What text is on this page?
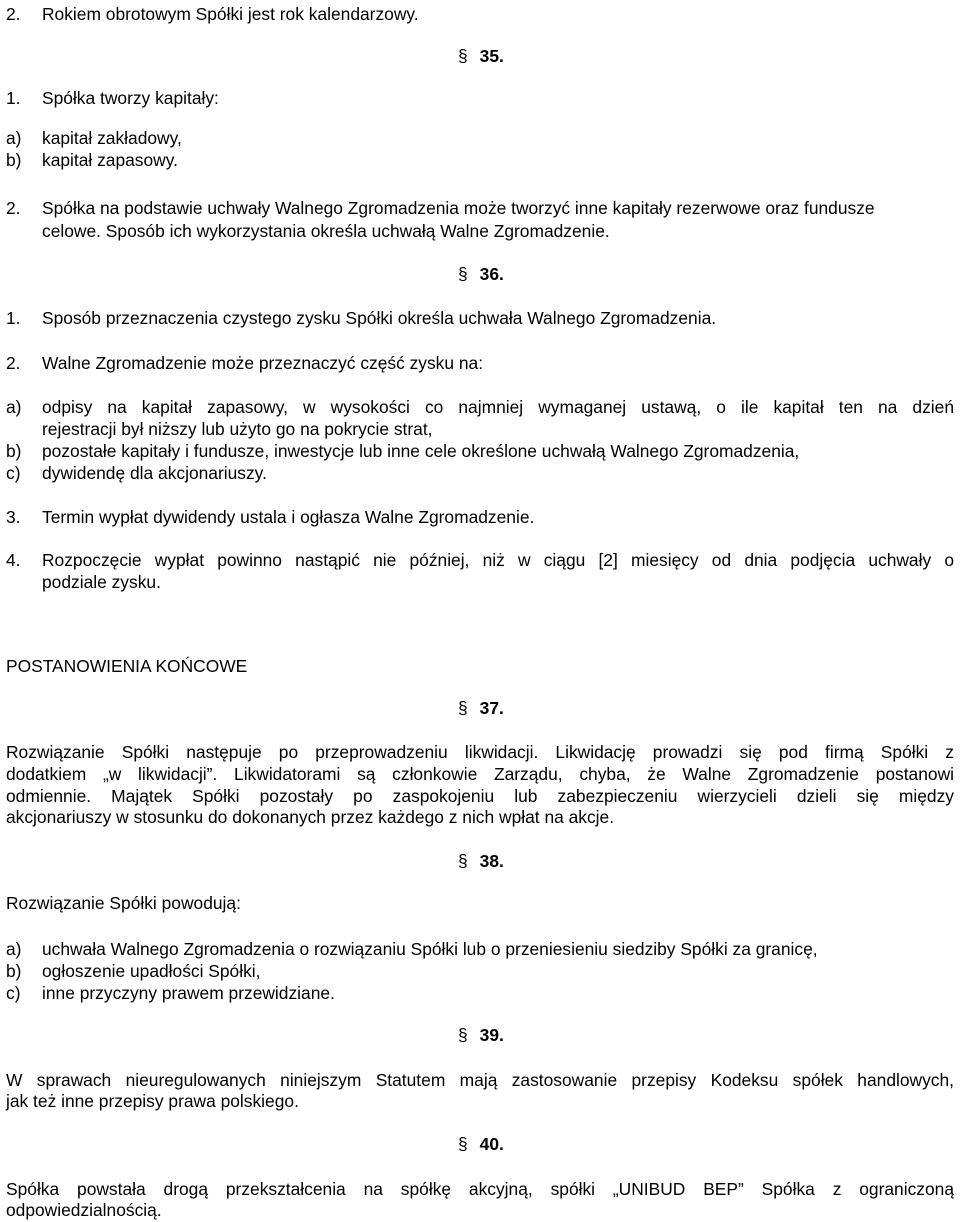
2. Rokiem obrotowym Spółki jest rok kalendarzowy.
§ 35.
1. Spółka tworzy kapitały:
a) kapitał zakładowy,
b) kapitał zapasowy.
2. Spółka na podstawie uchwały Walnego Zgromadzenia może tworzyć inne kapitały rezerwowe oraz fundusze
celowe. Sposób ich wykorzystania określa uchwałą Walne Zgromadzenie.
§ 36.
1. Sposób przeznaczenia czystego zysku Spółki określa uchwała Walnego Zgromadzenia.
2. Walne Zgromadzenie może przeznaczyć część zysku na:
a) odpisy na kapitał zapasowy, w wysokości co najmniej wymaganej ustawą, o ile kapitał ten na dzień
rejestracji był niższy lub użyto go na pokrycie strat,
b) pozostałe kapitały i fundusze, inwestycje lub inne cele określone uchwałą Walnego Zgromadzenia,
c) dywidendę dla akcjonariuszy.
3. Termin wypłat dywidendy ustala i ogłasza Walne Zgromadzenie.
4. Rozpoczęcie wypłat powinno nastąpić nie później, niż w ciągu [2] miesięcy od dnia podjęcia uchwały o
podziale zysku.
POSTANOWIENIA KOŃCOWE
§ 37.
Rozwiązanie Spółki następuje po przeprowadzeniu likwidacji. Likwidację prowadzi się pod firmą Spółki z
dodatkiem „w likwidacji”. Likwidatorami są członkowie Zarządu, chyba, że Walne Zgromadzenie postanowi
odmiennie. Majątek Spółki pozostały po zaspokojeniu lub zabezpieczeniu wierzycieli dzieli się między
akcjonariuszy w stosunku do dokonanych przez każdego z nich wpłat na akcje.
§ 38.
Rozwiązanie Spółki powodują:
a) uchwała Walnego Zgromadzenia o rozwiązaniu Spółki lub o przeniesieniu siedziby Spółki za granicę,
b) ogłoszenie upadłości Spółki,
c) inne przyczyny prawem przewidziane.
§ 39.
W sprawach nieuregulowanych niniejszym Statutem mają zastosowanie przepisy Kodeksu spółek handlowych,
jak też inne przepisy prawa polskiego.
§ 40.
Spółka powstała drogą przekształcenia na spółkę akcyjną, spółki „UNIBUD BEP” Spółka z ograniczoną
odpowiedzialnością.
